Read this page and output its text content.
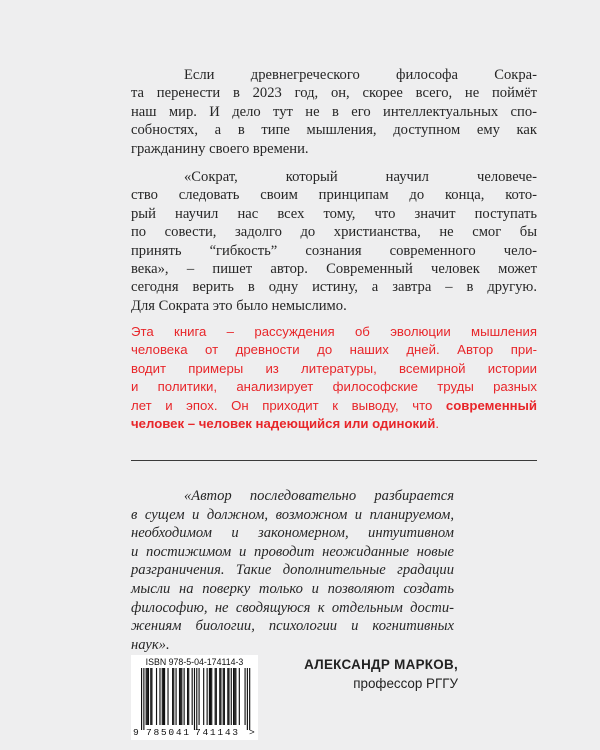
Если древнегреческого философа Сокра-
та перенести в 2023 год, он, скорее всего, не поймёт
наш мир. И дело тут не в его интеллектуальных спо-
собностях, а в типе мышления, доступном ему как
гражданину своего времени.
«Сократ, который научил человече-
ство следовать своим принципам до конца, кото-
рый научил нас всех тому, что значит поступать
по совести, задолго до христианства, не смог бы
принять “гибкость” сознания современного чело-
века», – пишет автор. Современный человек может
сегодня верить в одну истину, а завтра – в другую.
Для Сократа это было немыслимо.
Эта книга – рассуждения об эволюции мышления
человека от древности до наших дней. Автор при-
водит примеры из литературы, всемирной истории
и политики, анализирует философские труды разных
лет и эпох. Он приходит к выводу, что современный
человек – человек надеющийся или одинокий.
«Автор последовательно разбирается
в сущем и должном, возможном и планируемом,
необходимом и закономерном, интуитивном
и постижимом и проводит неожиданные новые
разграничения. Такие дополнительные градации
мысли на поверку только и позволяют создать
философию, не сводящуюся к отдельным дости-
жениям биологии, психологии и когнитивных
наук».
АЛЕКСАНДР МАРКОВ,
профессор РГГУ
ISBN 978-5-04-174114-3
9 785041 741143 >
